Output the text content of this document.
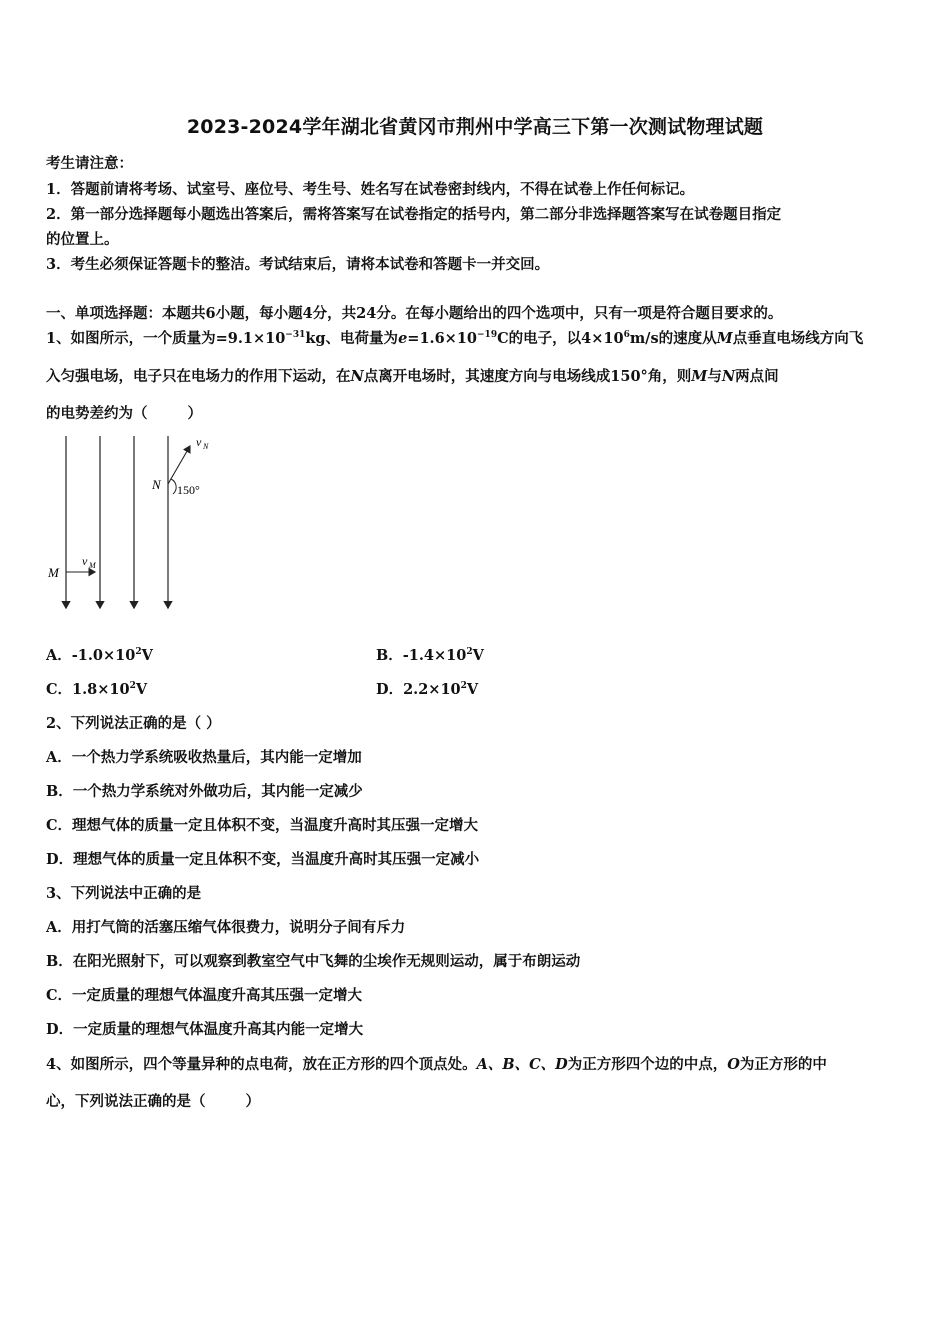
2023-2024学年湖北省黄冈市荆州中学高三下第一次测试物理试题
考生请注意：
1．答题前请将考场、试室号、座位号、考生号、姓名写在试卷密封线内，不得在试卷上作任何标记。
2．第一部分选择题每小题选出答案后，需将答案写在试卷指定的括号内，第二部分非选择题答案写在试卷题目指定
的位置上。
3．考生必须保证答题卡的整洁。考试结束后，请将本试卷和答题卡一并交回。
一、单项选择题：本题共6小题，每小题4分，共24分。在每小题给出的四个选项中，只有一项是符合题目要求的。
1、如图所示，一个质量为$=9.1\times 10^{-31}kg$、电荷量为$e=1.6\times 10^{-19}C$的电子，以$4\times 10^6m/s$的速度从M点垂直电场线方向飞
入匀强电场，电子只在电场力的作用下运动，在N点离开电场时，其速度方向与电场线成150°角，则M与N两点间
的电势差约为（	）
M
v M
v N
N 150°
A．$-1.0\times 10^2V$	B．$-1.4\times 10^2V$
C．$1.8\times 10^2V$	D．$2.2\times 10^2V$
2、下列说法正确的是（ ）
A．一个热力学系统吸收热量后，其内能一定增加
B．一个热力学系统对外做功后，其内能一定减少
C．理想气体的质量一定且体积不变，当温度升高时其压强一定增大
D．理想气体的质量一定且体积不变，当温度升高时其压强一定减小
3、下列说法中正确的是
A．用打气筒的活塞压缩气体很费力，说明分子间有斥力
B．在阳光照射下，可以观察到教室空气中飞舞的尘埃作无规则运动，属于布朗运动
C．一定质量的理想气体温度升高其压强一定增大
D．一定质量的理想气体温度升高其内能一定增大
4、如图所示，四个等量异种的点电荷，放在正方形的四个顶点处。A、B、C、D为正方形四个边的中点，O为正方形的中
心，下列说法正确的是（	）
